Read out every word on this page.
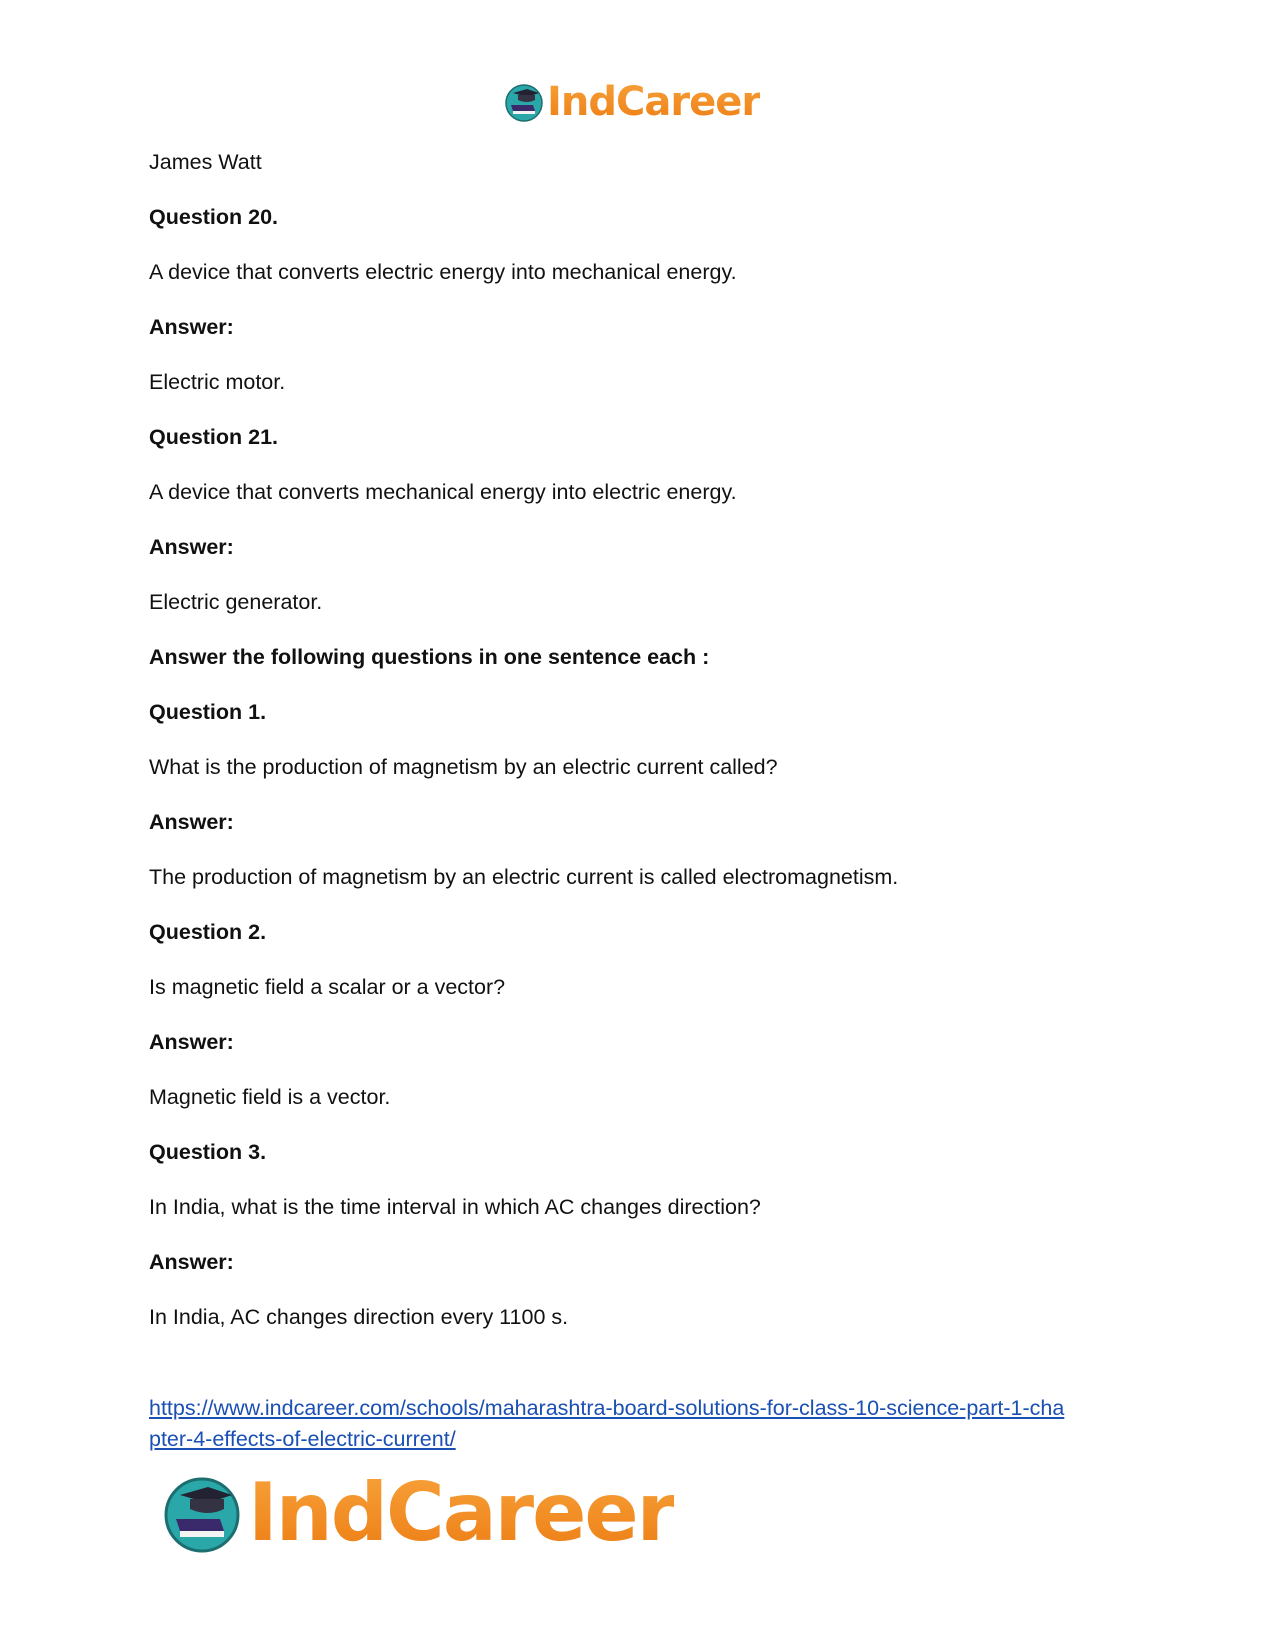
IndCareer
James Watt
Question 20.
A device that converts electric energy into mechanical energy.
Answer:
Electric motor.
Question 21.
A device that converts mechanical energy into electric energy.
Answer:
Electric generator.
Answer the following questions in one sentence each :
Question 1.
What is the production of magnetism by an electric current called?
Answer:
The production of magnetism by an electric current is called electromagnetism.
Question 2.
Is magnetic field a scalar or a vector?
Answer:
Magnetic field is a vector.
Question 3.
In India, what is the time interval in which AC changes direction?
Answer:
In India, AC changes direction every 1100 s.
https://www.indcareer.com/schools/maharashtra-board-solutions-for-class-10-science-part-1-cha
pter-4-effects-of-electric-current/
IndCareer
